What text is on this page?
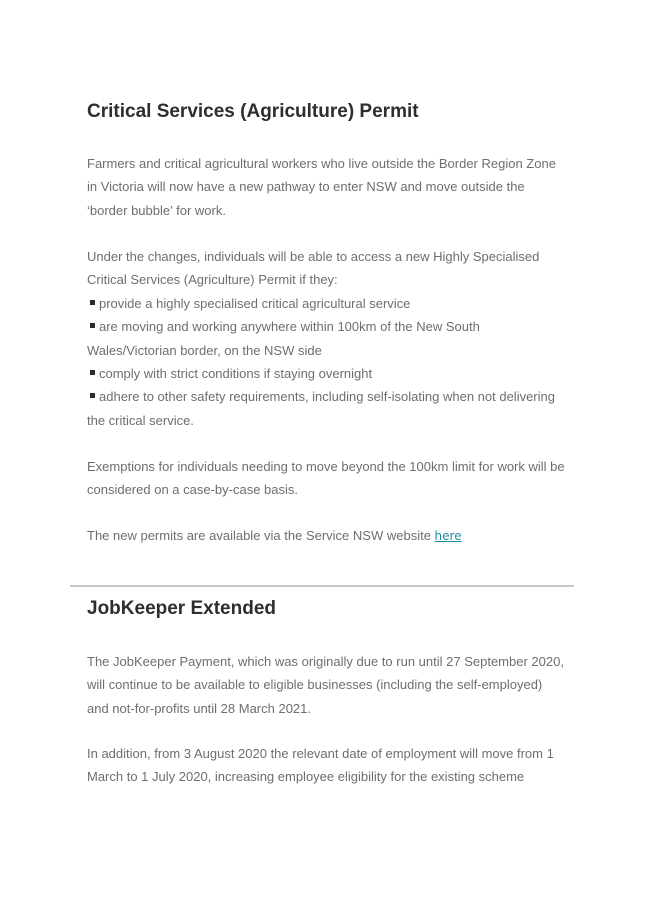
Critical Services (Agriculture) Permit

Farmers and critical agricultural workers who live outside the Border Region Zone in Victoria will now have a new pathway to enter NSW and move outside the ‘border bubble’ for work.

Under the changes, individuals will be able to access a new Highly Specialised Critical Services (Agriculture) Permit if they:

provide a highly specialised critical agricultural service

are moving and working anywhere within 100km of the New South Wales/Victorian border, on the NSW side

comply with strict conditions if staying overnight

adhere to other safety requirements, including self-isolating when not delivering the critical service.

Exemptions for individuals needing to move beyond the 100km limit for work will be considered on a case-by-case basis.

The new permits are available via the Service NSW website here

JobKeeper Extended

The JobKeeper Payment, which was originally due to run until 27 September 2020, will continue to be available to eligible businesses (including the self-employed) and not-for-profits until 28 March 2021.

In addition, from 3 August 2020 the relevant date of employment will move from 1 March to 1 July 2020, increasing employee eligibility for the existing scheme
